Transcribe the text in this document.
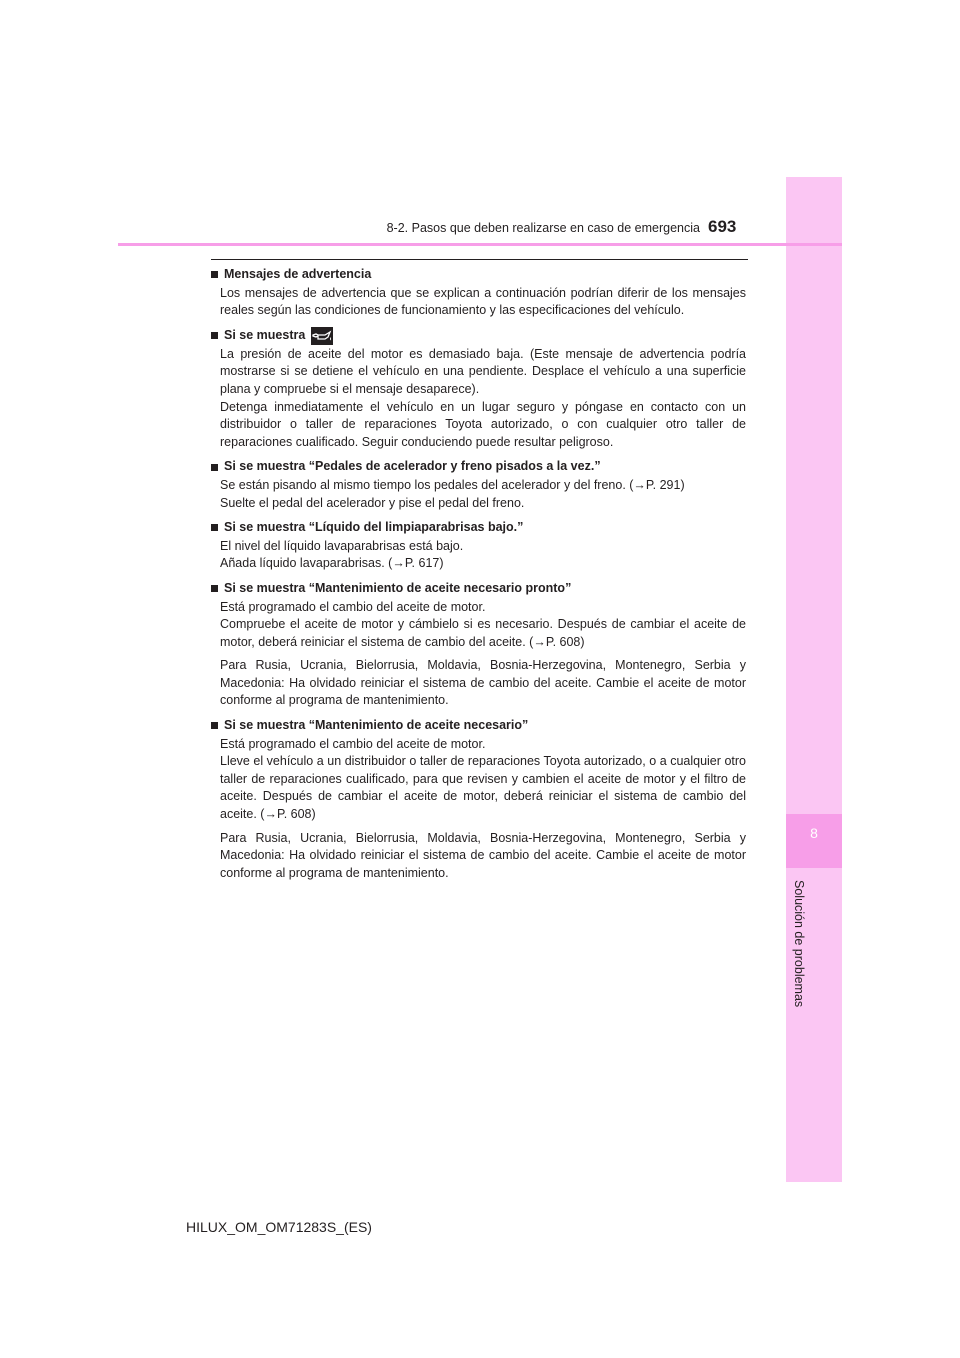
8
Solución de problemas
8-2. Pasos que deben realizarse en caso de emergencia 693

Mensajes de advertencia

Los mensajes de advertencia que se explican a continuación podrían diferir de los mensajes reales según las condiciones de funcionamiento y las especificaciones del vehículo.

Si se muestra

La presión de aceite del motor es demasiado baja. (Este mensaje de advertencia podría mostrarse si se detiene el vehículo en una pendiente. Desplace el vehículo a una superficie plana y compruebe si el mensaje desaparece).

Detenga inmediatamente el vehículo en un lugar seguro y póngase en contacto con un distribuidor o taller de reparaciones Toyota autorizado, o con cualquier otro taller de reparaciones cualificado. Seguir conduciendo puede resultar peligroso.

Si se muestra “Pedales de acelerador y freno pisados a la vez.”

Se están pisando al mismo tiempo los pedales del acelerador y del freno. (→P. 291)

Suelte el pedal del acelerador y pise el pedal del freno.

Si se muestra “Líquido del limpiaparabrisas bajo.”

El nivel del líquido lavaparabrisas está bajo.

Añada líquido lavaparabrisas. (→P. 617)

Si se muestra “Mantenimiento de aceite necesario pronto”

Está programado el cambio del aceite de motor.

Compruebe el aceite de motor y cámbielo si es necesario. Después de cambiar el aceite de motor, deberá reiniciar el sistema de cambio del aceite. (→P. 608)

Para Rusia, Ucrania, Bielorrusia, Moldavia, Bosnia-Herzegovina, Montenegro, Serbia y Macedonia: Ha olvidado reiniciar el sistema de cambio del aceite. Cambie el aceite de motor conforme al programa de mantenimiento.

Si se muestra “Mantenimiento de aceite necesario”

Está programado el cambio del aceite de motor.

Lleve el vehículo a un distribuidor o taller de reparaciones Toyota autorizado, o a cualquier otro taller de reparaciones cualificado, para que revisen y cambien el aceite de motor y el filtro de aceite. Después de cambiar el aceite de motor, deberá reiniciar el sistema de cambio del aceite. (→P. 608)

Para Rusia, Ucrania, Bielorrusia, Moldavia, Bosnia-Herzegovina, Montenegro, Serbia y Macedonia: Ha olvidado reiniciar el sistema de cambio del aceite. Cambie el aceite de motor conforme al programa de mantenimiento.

HILUX_OM_OM71283S_(ES)
